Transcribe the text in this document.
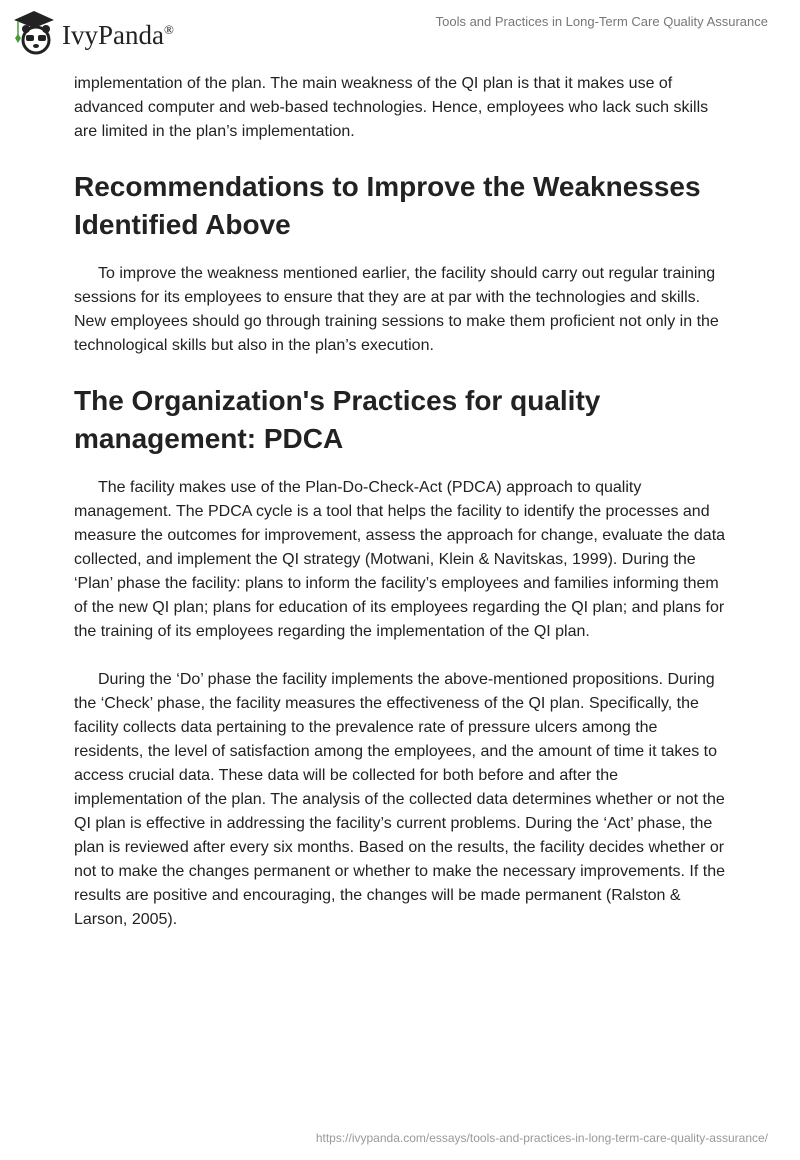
IvyPanda®	Tools and Practices in Long-Term Care Quality Assurance

implementation of the plan. The main weakness of the QI plan is that it makes use of advanced computer and web-based technologies. Hence, employees who lack such skills are limited in the plan’s implementation.

Recommendations to Improve the Weaknesses Identified Above

To improve the weakness mentioned earlier, the facility should carry out regular training sessions for its employees to ensure that they are at par with the technologies and skills. New employees should go through training sessions to make them proficient not only in the technological skills but also in the plan’s execution.

The Organization's Practices for quality management: PDCA

The facility makes use of the Plan-Do-Check-Act (PDCA) approach to quality management. The PDCA cycle is a tool that helps the facility to identify the processes and measure the outcomes for improvement, assess the approach for change, evaluate the data collected, and implement the QI strategy (Motwani, Klein & Navitskas, 1999). During the ‘Plan’ phase the facility: plans to inform the facility’s employees and families informing them of the new QI plan; plans for education of its employees regarding the QI plan; and plans for the training of its employees regarding the implementation of the QI plan.

During the ‘Do’ phase the facility implements the above-mentioned propositions. During the ‘Check’ phase, the facility measures the effectiveness of the QI plan. Specifically, the facility collects data pertaining to the prevalence rate of pressure ulcers among the residents, the level of satisfaction among the employees, and the amount of time it takes to access crucial data. These data will be collected for both before and after the implementation of the plan. The analysis of the collected data determines whether or not the QI plan is effective in addressing the facility’s current problems. During the ‘Act’ phase, the plan is reviewed after every six months. Based on the results, the facility decides whether or not to make the changes permanent or whether to make the necessary improvements. If the results are positive and encouraging, the changes will be made permanent (Ralston & Larson, 2005).

https://ivypanda.com/essays/tools-and-practices-in-long-term-care-quality-assurance/
